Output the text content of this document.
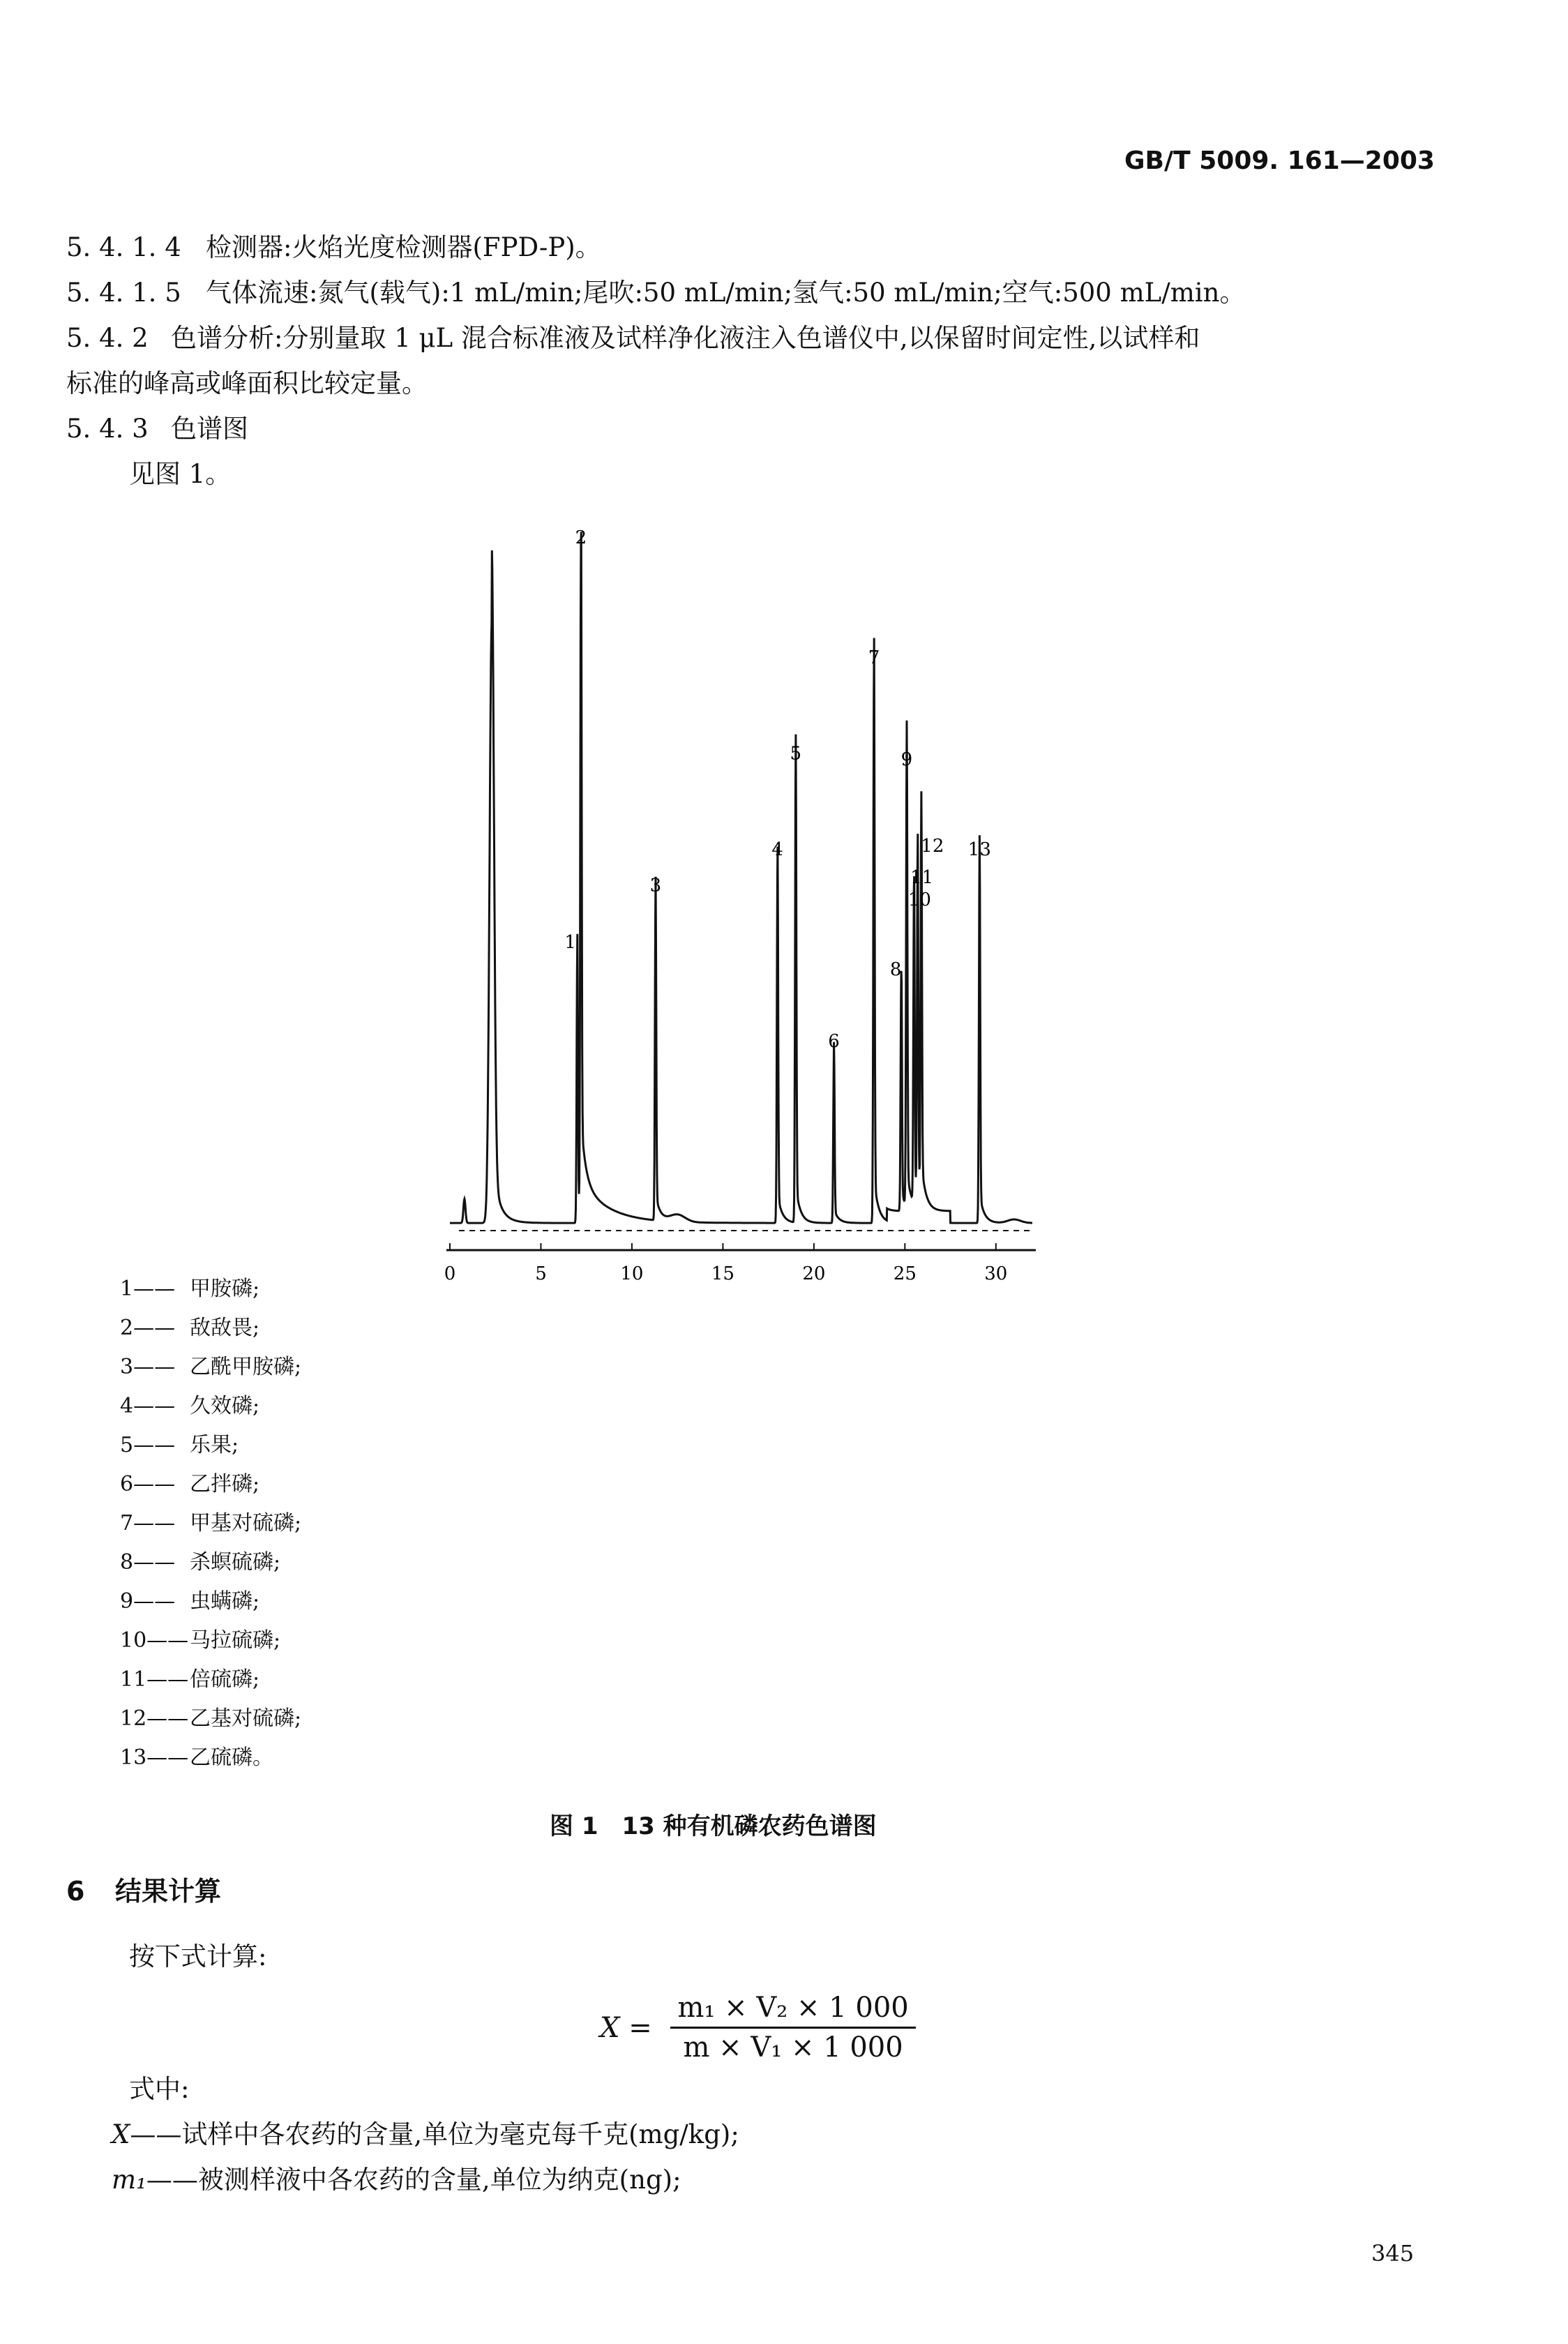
GB/T 5009. 161—2003
5. 4. 1. 4 检测器:火焰光度检测器(FPD-P)。
5. 4. 1. 5 气体流速:氮气(载气):1 mL/min;尾吹:50 mL/min;氢气:50 mL/min;空气:500 mL/min。
5. 4. 2 色谱分析:分别量取 1 μL 混合标准液及试样净化液注入色谱仪中,以保留时间定性,以试样和
标准的峰高或峰面积比较定量。
5. 4. 3 色谱图
见图 1。
0	5	10	15	20	25	30
1
2
3
4
5
6
7
8
9
10
11
12 13
1—— 甲胺磷;
2—— 敌敌畏;
3—— 乙酰甲胺磷;
4—— 久效磷;
5—— 乐果;
6—— 乙拌磷;
7—— 甲基对硫磷;
8—— 杀螟硫磷;
9—— 虫螨磷;
10——马拉硫磷;
11——倍硫磷;
12——乙基对硫磷;
13——乙硫磷。
图 1　13 种有机磷农药色谱图
6 结果计算
按下式计算:
$X = \frac{\text{m₁ × V₂ × 1 000}}{\text{m × V₁ × 1 000}}$
式中:
X——试样中各农药的含量,单位为毫克每千克(mg/kg);
m₁——被测样液中各农药的含量,单位为纳克(ng);
345
